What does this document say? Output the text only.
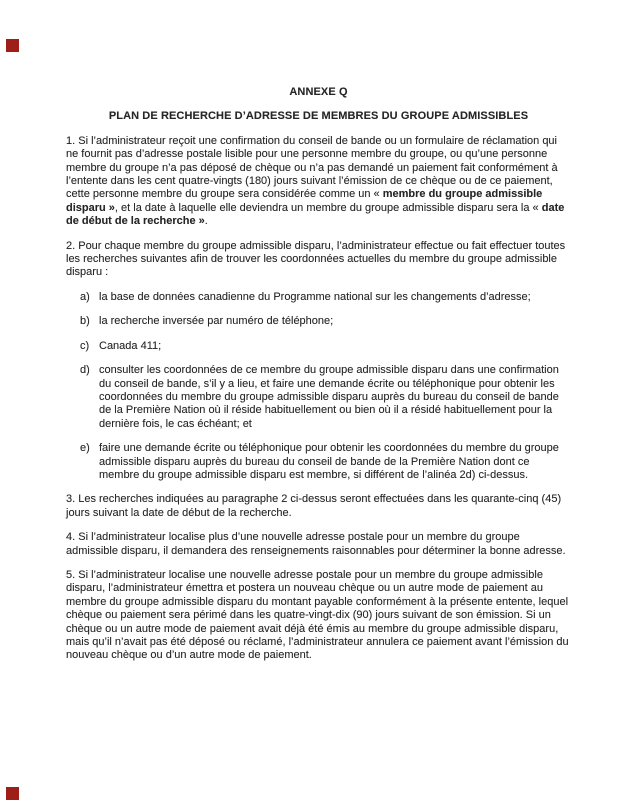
ANNEXE Q

PLAN DE RECHERCHE D’ADRESSE DE MEMBRES DU GROUPE ADMISSIBLES

1. Si l’administrateur reçoit une confirmation du conseil de bande ou un formulaire de réclamation qui ne fournit pas d’adresse postale lisible pour une personne membre du groupe, ou qu’une personne membre du groupe n’a pas déposé de chèque ou n’a pas demandé un paiement fait conformément à l’entente dans les cent quatre-vingts (180) jours suivant l’émission de ce chèque ou de ce paiement, cette personne membre du groupe sera considérée comme un « membre du groupe admissible disparu », et la date à laquelle elle deviendra un membre du groupe admissible disparu sera la « date de début de la recherche ».

2. Pour chaque membre du groupe admissible disparu, l’administrateur effectue ou fait effectuer toutes les recherches suivantes afin de trouver les coordonnées actuelles du membre du groupe admissible disparu :

a) la base de données canadienne du Programme national sur les changements d’adresse;
b) la recherche inversée par numéro de téléphone;
c) Canada 411;
d) consulter les coordonnées de ce membre du groupe admissible disparu dans une confirmation du conseil de bande, s’il y a lieu, et faire une demande écrite ou téléphonique pour obtenir les coordonnées du membre du groupe admissible disparu auprès du bureau du conseil de bande de la Première Nation où il réside habituellement ou bien où il a résidé habituellement pour la dernière fois, le cas échéant; et
e) faire une demande écrite ou téléphonique pour obtenir les coordonnées du membre du groupe admissible disparu auprès du bureau du conseil de bande de la Première Nation dont ce membre du groupe admissible disparu est membre, si différent de l’alinéa 2d) ci-dessus.

3. Les recherches indiquées au paragraphe 2 ci-dessus seront effectuées dans les quarante-cinq (45) jours suivant la date de début de la recherche.

4. Si l’administrateur localise plus d’une nouvelle adresse postale pour un membre du groupe admissible disparu, il demandera des renseignements raisonnables pour déterminer la bonne adresse.

5. Si l’administrateur localise une nouvelle adresse postale pour un membre du groupe admissible disparu, l’administrateur émettra et postera un nouveau chèque ou un autre mode de paiement au membre du groupe admissible disparu du montant payable conformément à la présente entente, lequel chèque ou paiement sera périmé dans les quatre-vingt-dix (90) jours suivant de son émission. Si un chèque ou un autre mode de paiement avait déjà été émis au membre du groupe admissible disparu, mais qu’il n’avait pas été déposé ou réclamé, l’administrateur annulera ce paiement avant l’émission du nouveau chèque ou d’un autre mode de paiement.
